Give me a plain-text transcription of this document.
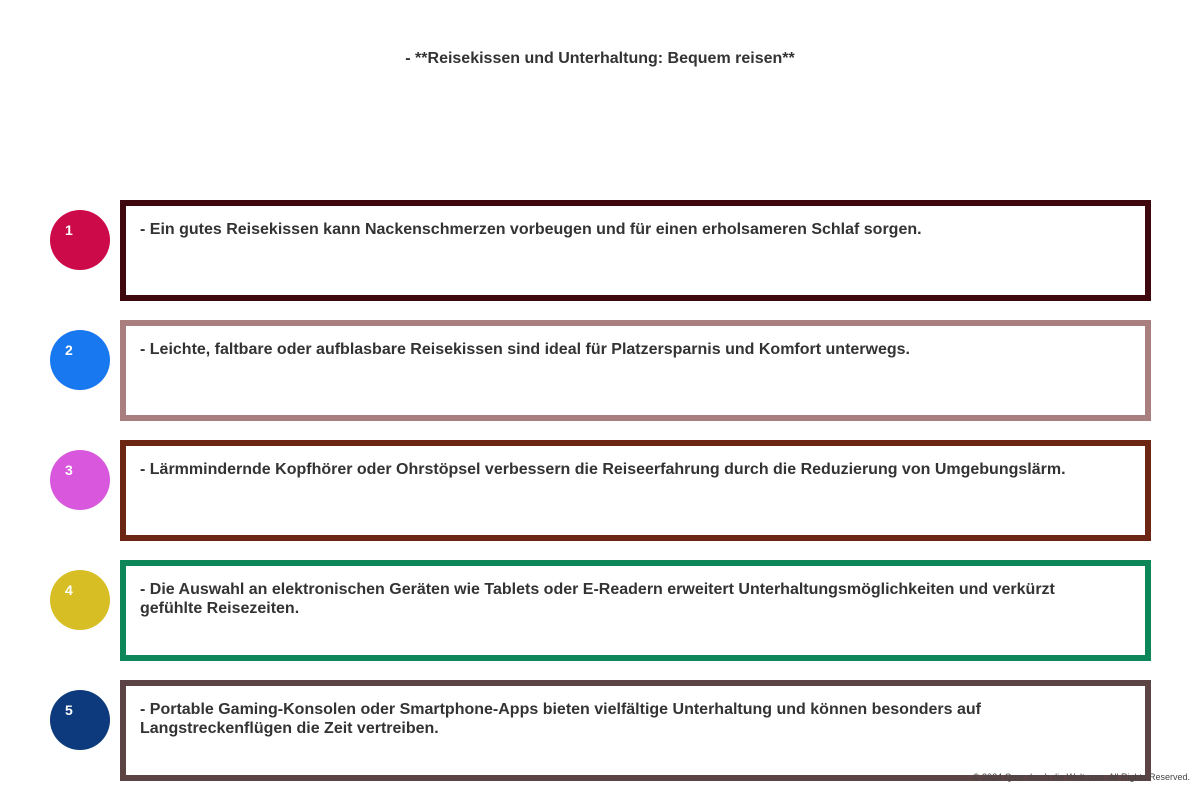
- **Reisekissen und Unterhaltung: Bequem reisen**
1	- Ein gutes Reisekissen kann Nackenschmerzen vorbeugen und für einen erholsameren Schlaf sorgen.
2	- Leichte, faltbare oder aufblasbare Reisekissen sind ideal für Platzersparnis und Komfort unterwegs.
3	- Lärmmindernde Kopfhörer oder Ohrstöpsel verbessern die Reiseerfahrung durch die Reduzierung von Umgebungslärm.
4	- Die Auswahl an elektronischen Geräten wie Tablets oder E-Readern erweitert Unterhaltungsmöglichkeiten und verkürzt gefühlte Reisezeiten.
5	- Portable Gaming-Konsolen oder Smartphone-Apps bieten vielfältige Unterhaltung und können besonders auf Langstreckenflügen die Zeit vertreiben.
© 2024 Quer durch die Welt.com. All Rights Reserved.
